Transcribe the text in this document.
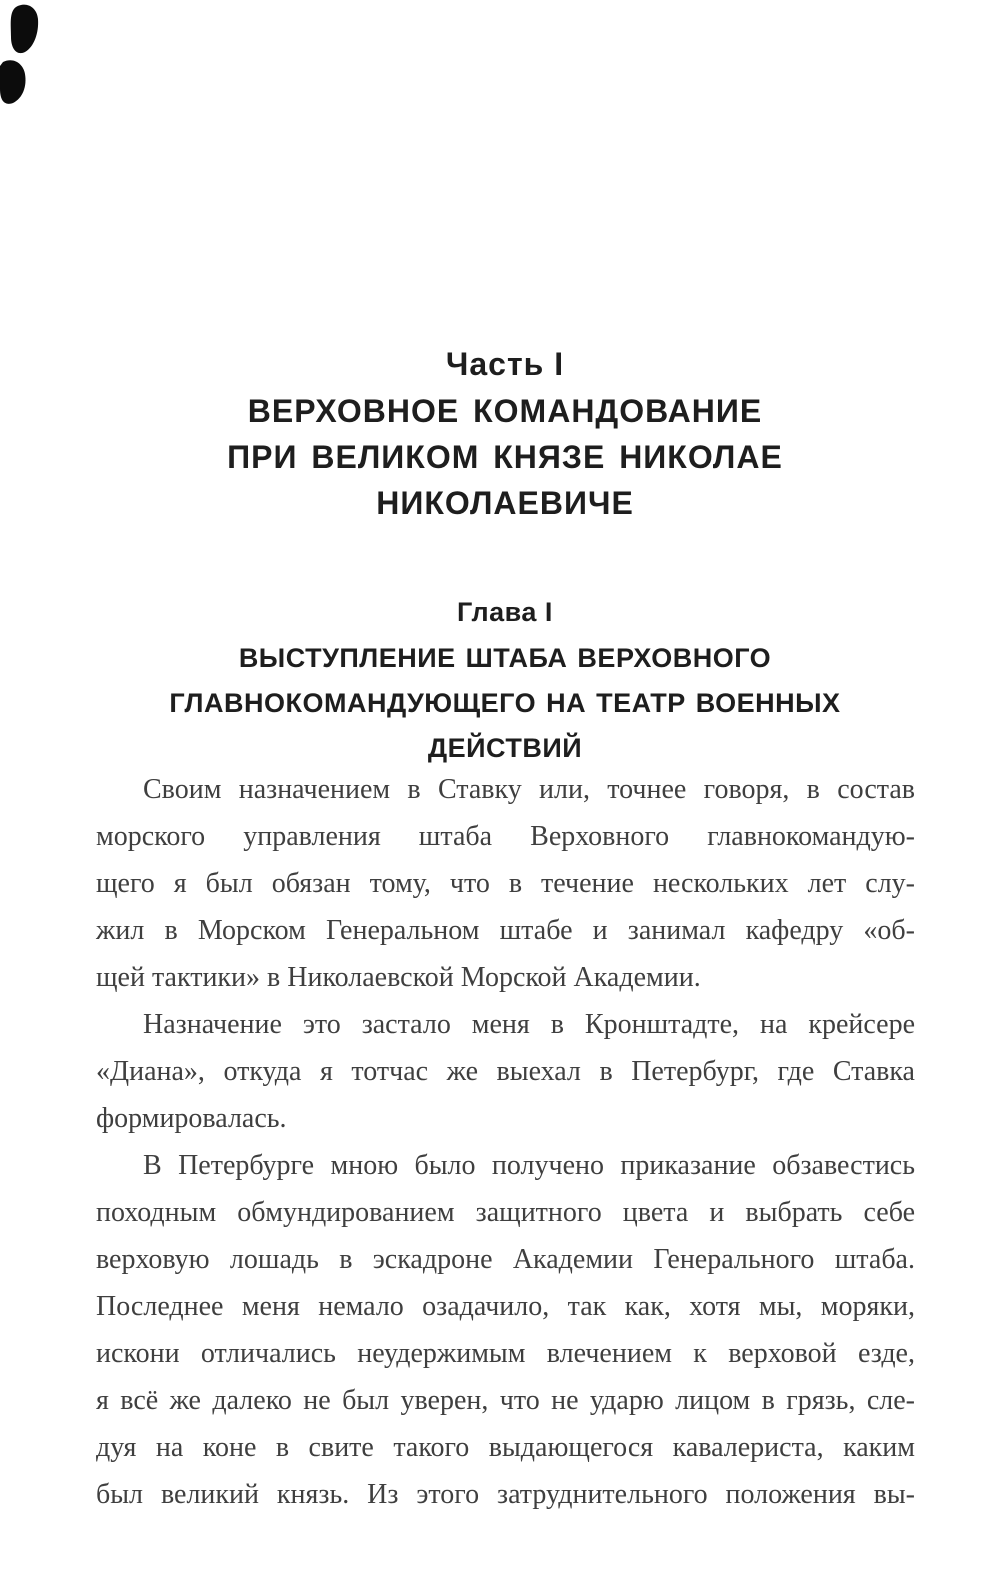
Часть I
ВЕРХОВНОЕ КОМАНДОВАНИЕ
ПРИ ВЕЛИКОМ КНЯЗЕ НИКОЛАЕ
НИКОЛАЕВИЧЕ
Глава I
ВЫСТУПЛЕНИЕ ШТАБА ВЕРХОВНОГО
ГЛАВНОКОМАНДУЮЩЕГО НА ТЕАТР ВОЕННЫХ
ДЕЙСТВИЙ
Своим назначением в Ставку или, точнее говоря, в состав
морского управления штаба Верховного главнокомандую-
щего я был обязан тому, что в течение нескольких лет слу-
жил в Морском Генеральном штабе и занимал кафедру «об-
щей тактики» в Николаевской Морской Академии.
Назначение это застало меня в Кронштадте, на крейсере
«Диана», откуда я тотчас же выехал в Петербург, где Ставка
формировалась.
В Петербурге мною было получено приказание обзавестись
походным обмундированием защитного цвета и выбрать себе
верховую лошадь в эскадроне Академии Генерального штаба.
Последнее меня немало озадачило, так как, хотя мы, моряки,
искони отличались неудержимым влечением к верховой езде,
я всё же далеко не был уверен, что не ударю лицом в грязь, сле-
дуя на коне в свите такого выдающегося кавалериста, каким
был великий князь. Из этого затруднительного положения вы-
